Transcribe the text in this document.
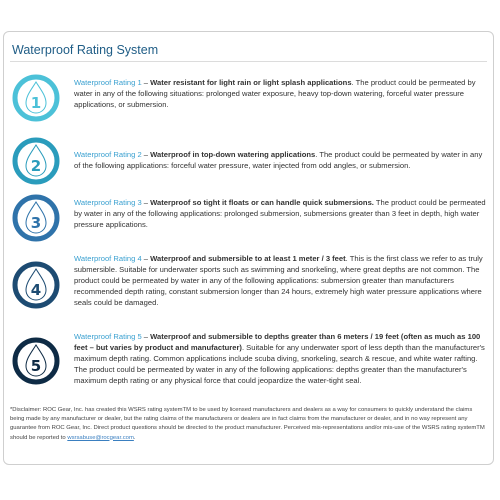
Waterproof Rating System
1
Waterproof Rating 1 – Water resistant for light rain or light splash applications. The product could be permeated by water in any of the following situations: prolonged water exposure, heavy top-down watering, forceful water pressure applications, or submersion.
2
Waterproof Rating 2 – Waterproof in top-down watering applications. The product could be permeated by water in any of the following applications: forceful water pressure, water injected from odd angles, or submersion.
3
Waterproof Rating 3 – Waterproof so tight it floats or can handle quick submersions. The product could be permeated by water in any of the following applications: prolonged submersion, submersions greater than 3 feet in depth, high water pressure applications.
4
Waterproof Rating 4 – Waterproof and submersible to at least 1 meter / 3 feet. This is the first class we refer to as truly submersible. Suitable for underwater sports such as swimming and snorkeling, where great depths are not common. The product could be permeated by water in any of the following applications: submersion greater than manufacturers recommended depth rating, constant submersion longer than 24 hours, extremely high water pressure applications where seals could be damaged.
5
Waterproof Rating 5 – Waterproof and submersible to depths greater than 6 meters / 19 feet (often as much as 100 feet – but varies by product and manufacturer). Suitable for any underwater sport of less depth than the manufacturer's maximum depth rating. Common applications include scuba diving, snorkeling, search & rescue, and white water rafting. The product could be permeated by water in any of the following applications: depths greater than the manufacturer's maximum depth rating or any physical force that could jeopardize the water-tight seal.
*Disclaimer: ROC Gear, Inc. has created this WSRS rating systemTM to be used by licensed manufacturers and dealers as a way for consumers to quickly understand the claims being made by any manufacturer or dealer, but the rating claims of the manufacturers or dealers are in fact claims from the manufacturer or dealer, and in no way represent any guarantee from ROC Gear, Inc. Direct product questions should be directed to the product manufacturer. Perceived mis-representations and/or mis-use of the WSRS rating systemTM should be reported to wsrsabuse@rocgear.com.
